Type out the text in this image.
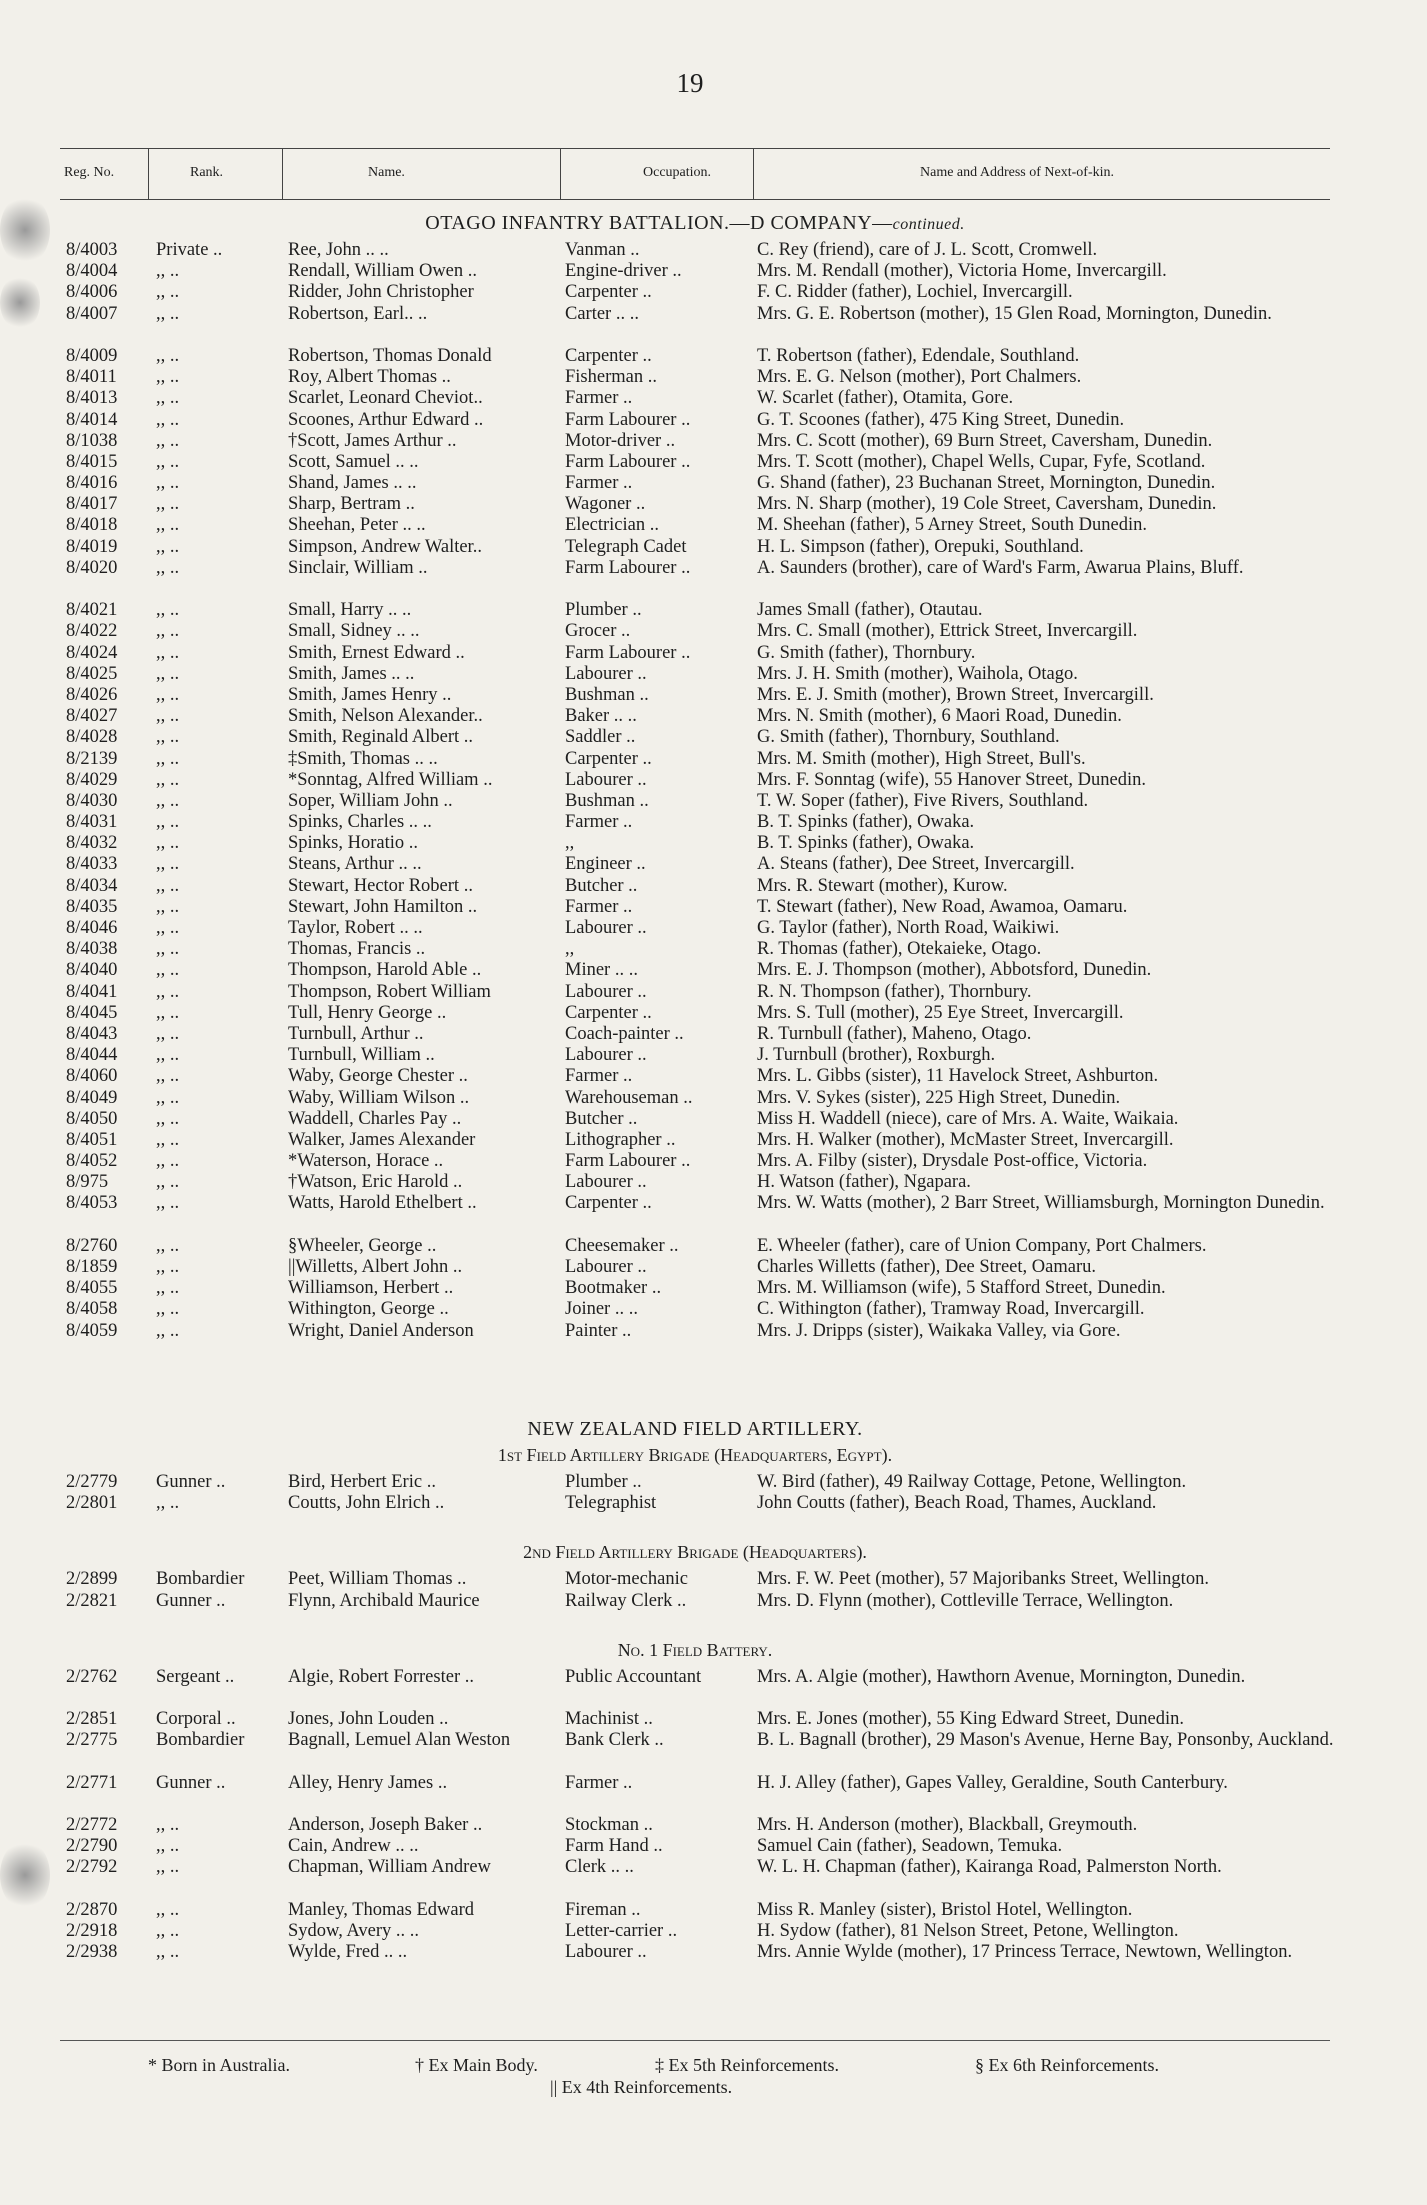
19
Reg. No.	Rank.	Name.	Occupation.	Name and Address of Next-of-kin.
OTAGO INFANTRY BATTALION.—D COMPANY—continued.
8/4003	Private ..	Ree, John .. ..	Vanman ..	C. Rey (friend), care of J. L. Scott, Cromwell.
8/4004	,, ..	Rendall, William Owen ..	Engine-driver ..	Mrs. M. Rendall (mother), Victoria Home, Invercargill.
8/4006	,, ..	Ridder, John Christopher	Carpenter ..	F. C. Ridder (father), Lochiel, Invercargill.
8/4007	,, ..	Robertson, Earl.. ..	Carter .. ..	Mrs. G. E. Robertson (mother), 15 Glen Road, Mornington, Dunedin.
8/4009	,, ..	Robertson, Thomas Donald	Carpenter ..	T. Robertson (father), Edendale, Southland.
8/4011	,, ..	Roy, Albert Thomas ..	Fisherman ..	Mrs. E. G. Nelson (mother), Port Chalmers.
8/4013	,, ..	Scarlet, Leonard Cheviot..	Farmer ..	W. Scarlet (father), Otamita, Gore.
8/4014	,, ..	Scoones, Arthur Edward ..	Farm Labourer ..	G. T. Scoones (father), 475 King Street, Dunedin.
8/1038	,, ..	†Scott, James Arthur ..	Motor-driver ..	Mrs. C. Scott (mother), 69 Burn Street, Caversham, Dunedin.
8/4015	,, ..	Scott, Samuel .. ..	Farm Labourer ..	Mrs. T. Scott (mother), Chapel Wells, Cupar, Fyfe, Scotland.
8/4016	,, ..	Shand, James .. ..	Farmer ..	G. Shand (father), 23 Buchanan Street, Mornington, Dunedin.
8/4017	,, ..	Sharp, Bertram ..	Wagoner ..	Mrs. N. Sharp (mother), 19 Cole Street, Caversham, Dunedin.
8/4018	,, ..	Sheehan, Peter .. ..	Electrician ..	M. Sheehan (father), 5 Arney Street, South Dunedin.
8/4019	,, ..	Simpson, Andrew Walter..	Telegraph Cadet	H. L. Simpson (father), Orepuki, Southland.
8/4020	,, ..	Sinclair, William ..	Farm Labourer ..	A. Saunders (brother), care of Ward's Farm, Awarua Plains, Bluff.
8/4021	,, ..	Small, Harry .. ..	Plumber ..	James Small (father), Otautau.
8/4022	,, ..	Small, Sidney .. ..	Grocer ..	Mrs. C. Small (mother), Ettrick Street, Invercargill.
8/4024	,, ..	Smith, Ernest Edward ..	Farm Labourer ..	G. Smith (father), Thornbury.
8/4025	,, ..	Smith, James .. ..	Labourer ..	Mrs. J. H. Smith (mother), Waihola, Otago.
8/4026	,, ..	Smith, James Henry ..	Bushman ..	Mrs. E. J. Smith (mother), Brown Street, Invercargill.
8/4027	,, ..	Smith, Nelson Alexander..	Baker .. ..	Mrs. N. Smith (mother), 6 Maori Road, Dunedin.
8/4028	,, ..	Smith, Reginald Albert ..	Saddler ..	G. Smith (father), Thornbury, Southland.
8/2139	,, ..	‡Smith, Thomas .. ..	Carpenter ..	Mrs. M. Smith (mother), High Street, Bull's.
8/4029	,, ..	*Sonntag, Alfred William ..	Labourer ..	Mrs. F. Sonntag (wife), 55 Hanover Street, Dunedin.
8/4030	,, ..	Soper, William John ..	Bushman ..	T. W. Soper (father), Five Rivers, Southland.
8/4031	,, ..	Spinks, Charles .. ..	Farmer ..	B. T. Spinks (father), Owaka.
8/4032	,, ..	Spinks, Horatio ..	,,	B. T. Spinks (father), Owaka.
8/4033	,, ..	Steans, Arthur .. ..	Engineer ..	A. Steans (father), Dee Street, Invercargill.
8/4034	,, ..	Stewart, Hector Robert ..	Butcher ..	Mrs. R. Stewart (mother), Kurow.
8/4035	,, ..	Stewart, John Hamilton ..	Farmer ..	T. Stewart (father), New Road, Awamoa, Oamaru.
8/4046	,, ..	Taylor, Robert .. ..	Labourer ..	G. Taylor (father), North Road, Waikiwi.
8/4038	,, ..	Thomas, Francis ..	,,	R. Thomas (father), Otekaieke, Otago.
8/4040	,, ..	Thompson, Harold Able ..	Miner .. ..	Mrs. E. J. Thompson (mother), Abbotsford, Dunedin.
8/4041	,, ..	Thompson, Robert William	Labourer ..	R. N. Thompson (father), Thornbury.
8/4045	,, ..	Tull, Henry George ..	Carpenter ..	Mrs. S. Tull (mother), 25 Eye Street, Invercargill.
8/4043	,, ..	Turnbull, Arthur ..	Coach-painter ..	R. Turnbull (father), Maheno, Otago.
8/4044	,, ..	Turnbull, William ..	Labourer ..	J. Turnbull (brother), Roxburgh.
8/4060	,, ..	Waby, George Chester ..	Farmer ..	Mrs. L. Gibbs (sister), 11 Havelock Street, Ashburton.
8/4049	,, ..	Waby, William Wilson ..	Warehouseman ..	Mrs. V. Sykes (sister), 225 High Street, Dunedin.
8/4050	,, ..	Waddell, Charles Pay ..	Butcher ..	Miss H. Waddell (niece), care of Mrs. A. Waite, Waikaia.
8/4051	,, ..	Walker, James Alexander	Lithographer ..	Mrs. H. Walker (mother), McMaster Street, Invercargill.
8/4052	,, ..	*Waterson, Horace ..	Farm Labourer ..	Mrs. A. Filby (sister), Drysdale Post-office, Victoria.
8/975	,, ..	†Watson, Eric Harold ..	Labourer ..	H. Watson (father), Ngapara.
8/4053	,, ..	Watts, Harold Ethelbert ..	Carpenter ..	Mrs. W. Watts (mother), 2 Barr Street, Williamsburgh, Mornington Dunedin.
8/2760	,, ..	§Wheeler, George ..	Cheesemaker ..	E. Wheeler (father), care of Union Company, Port Chalmers.
8/1859	,, ..	||Willetts, Albert John ..	Labourer ..	Charles Willetts (father), Dee Street, Oamaru.
8/4055	,, ..	Williamson, Herbert ..	Bootmaker ..	Mrs. M. Williamson (wife), 5 Stafford Street, Dunedin.
8/4058	,, ..	Withington, George ..	Joiner .. ..	C. Withington (father), Tramway Road, Invercargill.
8/4059	,, ..	Wright, Daniel Anderson	Painter ..	Mrs. J. Dripps (sister), Waikaka Valley, via Gore.
NEW ZEALAND FIELD ARTILLERY.
1st Field Artillery Brigade (Headquarters, Egypt).
2/2779	Gunner ..	Bird, Herbert Eric ..	Plumber ..	W. Bird (father), 49 Railway Cottage, Petone, Wellington.
2/2801	,, ..	Coutts, John Elrich ..	Telegraphist	John Coutts (father), Beach Road, Thames, Auckland.
2nd Field Artillery Brigade (Headquarters).
2/2899	Bombardier	Peet, William Thomas ..	Motor-mechanic	Mrs. F. W. Peet (mother), 57 Majoribanks Street, Wellington.
2/2821	Gunner ..	Flynn, Archibald Maurice	Railway Clerk ..	Mrs. D. Flynn (mother), Cottleville Terrace, Wellington.
No. 1 Field Battery.
2/2762	Sergeant ..	Algie, Robert Forrester ..	Public Accountant	Mrs. A. Algie (mother), Hawthorn Avenue, Mornington, Dunedin.
2/2851	Corporal ..	Jones, John Louden ..	Machinist ..	Mrs. E. Jones (mother), 55 King Edward Street, Dunedin.
2/2775	Bombardier	Bagnall, Lemuel Alan Weston	Bank Clerk ..	B. L. Bagnall (brother), 29 Mason's Avenue, Herne Bay, Ponsonby, Auckland.
2/2771	Gunner ..	Alley, Henry James ..	Farmer ..	H. J. Alley (father), Gapes Valley, Geraldine, South Canterbury.
2/2772	,, ..	Anderson, Joseph Baker ..	Stockman ..	Mrs. H. Anderson (mother), Blackball, Greymouth.
2/2790	,, ..	Cain, Andrew .. ..	Farm Hand ..	Samuel Cain (father), Seadown, Temuka.
2/2792	,, ..	Chapman, William Andrew	Clerk .. ..	W. L. H. Chapman (father), Kairanga Road, Palmerston North.
2/2870	,, ..	Manley, Thomas Edward	Fireman ..	Miss R. Manley (sister), Bristol Hotel, Wellington.
2/2918	,, ..	Sydow, Avery .. ..	Letter-carrier ..	H. Sydow (father), 81 Nelson Street, Petone, Wellington.
2/2938	,, ..	Wylde, Fred .. ..	Labourer ..	Mrs. Annie Wylde (mother), 17 Princess Terrace, Newtown, Wellington.
* Born in Australia.	† Ex Main Body.	‡ Ex 5th Reinforcements.	§ Ex 6th Reinforcements.
|| Ex 4th Reinforcements.
